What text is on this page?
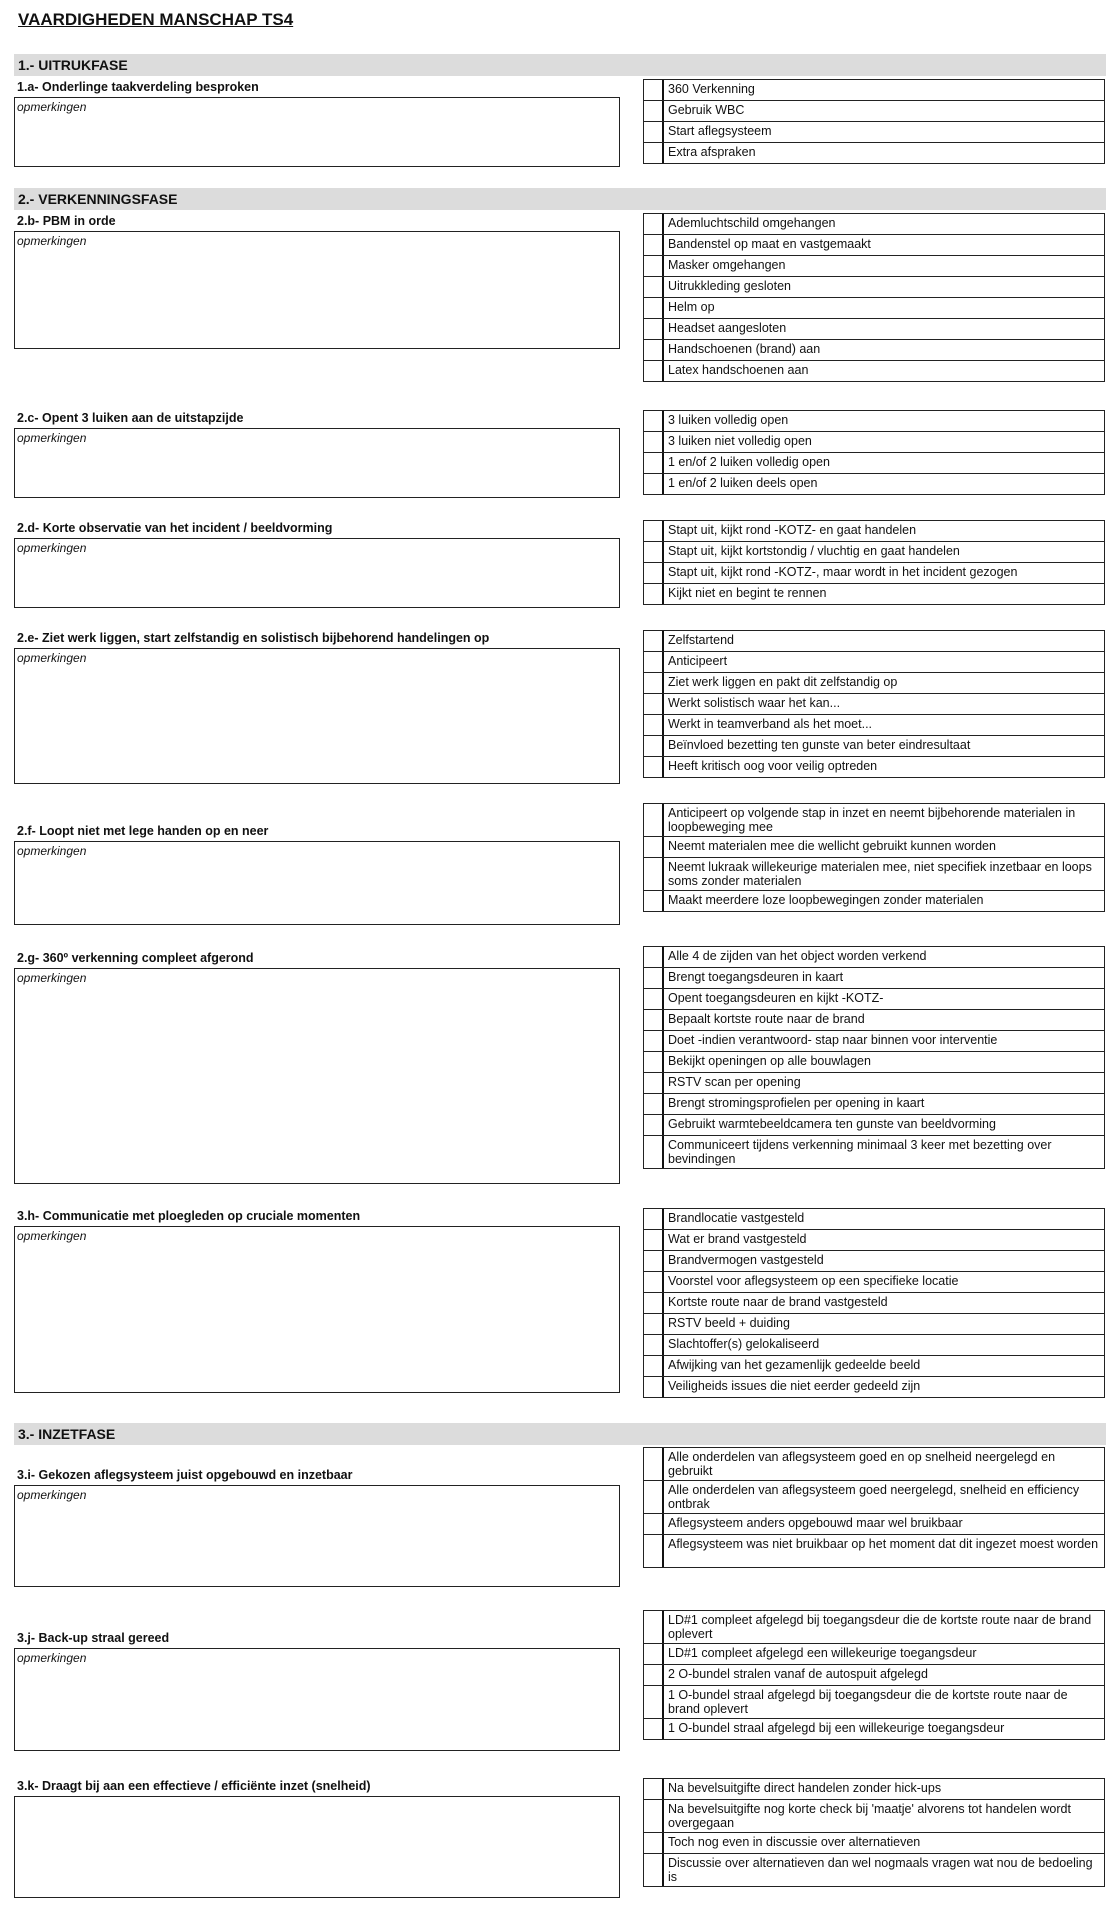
VAARDIGHEDEN MANSCHAP TS4
1.- UITRUKFASE
2.- VERKENNINGSFASE
3.- INZETFASE
1.a- Onderlinge taakverdeling besproken
opmerkingen
360 Verkenning
Gebruik WBC
Start aflegsysteem
Extra afspraken
2.b- PBM in orde
opmerkingen
Ademluchtschild omgehangen
Bandenstel op maat en vastgemaakt
Masker omgehangen
Uitrukkleding gesloten
Helm op
Headset aangesloten
Handschoenen (brand) aan
Latex handschoenen aan
2.c- Opent 3 luiken aan de uitstapzijde
opmerkingen
3 luiken volledig open
3 luiken niet volledig open
1 en/of 2 luiken volledig open
1 en/of 2 luiken deels open
2.d- Korte observatie van het incident / beeldvorming
opmerkingen
Stapt uit, kijkt rond -KOTZ- en gaat handelen
Stapt uit, kijkt kortstondig / vluchtig en gaat handelen
Stapt uit, kijkt rond -KOTZ-, maar wordt in het incident gezogen
Kijkt niet en begint te rennen
2.e- Ziet werk liggen, start zelfstandig en solistisch bijbehorend handelingen op
opmerkingen
Zelfstartend
Anticipeert
Ziet werk liggen en pakt dit zelfstandig op
Werkt solistisch waar het kan...
Werkt in teamverband als het moet...
Beïnvloed bezetting ten gunste van beter eindresultaat
Heeft kritisch oog voor veilig optreden
2.f- Loopt niet met lege handen op en neer
opmerkingen
Anticipeert op volgende stap in inzet en neemt bijbehorende materialen in loopbeweging mee
Neemt materialen mee die wellicht gebruikt kunnen worden
Neemt lukraak willekeurige materialen mee, niet specifiek inzetbaar en loops soms zonder materialen
Maakt meerdere loze loopbewegingen zonder materialen
2.g- 360º verkenning compleet afgerond
opmerkingen
Alle 4 de zijden van het object worden verkend
Brengt toegangsdeuren in kaart
Opent toegangsdeuren en kijkt -KOTZ-
Bepaalt kortste route naar de brand
Doet -indien verantwoord- stap naar binnen voor interventie
Bekijkt openingen op alle bouwlagen
RSTV scan per opening
Brengt stromingsprofielen per opening in kaart
Gebruikt warmtebeeldcamera ten gunste van beeldvorming
Communiceert tijdens verkenning minimaal 3 keer met bezetting over bevindingen
3.h- Communicatie met ploegleden op cruciale momenten
opmerkingen
Brandlocatie vastgesteld
Wat er brand vastgesteld
Brandvermogen vastgesteld
Voorstel voor aflegsysteem op een specifieke locatie
Kortste route naar de brand vastgesteld
RSTV beeld + duiding
Slachtoffer(s) gelokaliseerd
Afwijking van het gezamenlijk gedeelde beeld
Veiligheids issues die niet eerder gedeeld zijn
3.i- Gekozen aflegsysteem juist opgebouwd en inzetbaar
opmerkingen
Alle onderdelen van aflegsysteem goed en op snelheid neergelegd en gebruikt
Alle onderdelen van aflegsysteem goed neergelegd, snelheid en efficiency ontbrak
Aflegsysteem anders opgebouwd maar wel bruikbaar
Aflegsysteem was niet bruikbaar op het moment dat dit ingezet moest worden
3.j- Back-up straal gereed
opmerkingen
LD#1 compleet afgelegd bij toegangsdeur die de kortste route naar de brand oplevert
LD#1 compleet afgelegd een willekeurige toegangsdeur
2 O-bundel stralen vanaf de autospuit afgelegd
1 O-bundel straal afgelegd bij toegangsdeur die de kortste route naar de brand oplevert
1 O-bundel straal afgelegd bij een willekeurige toegangsdeur
3.k- Draagt bij aan een effectieve / efficiënte inzet (snelheid)	Na bevelsuitgifte direct handelen zonder hick-ups
Na bevelsuitgifte nog korte check bij 'maatje' alvorens tot handelen wordt overgegaan
Toch nog even in discussie over alternatieven
Discussie over alternatieven dan wel nogmaals vragen wat nou de bedoeling is
